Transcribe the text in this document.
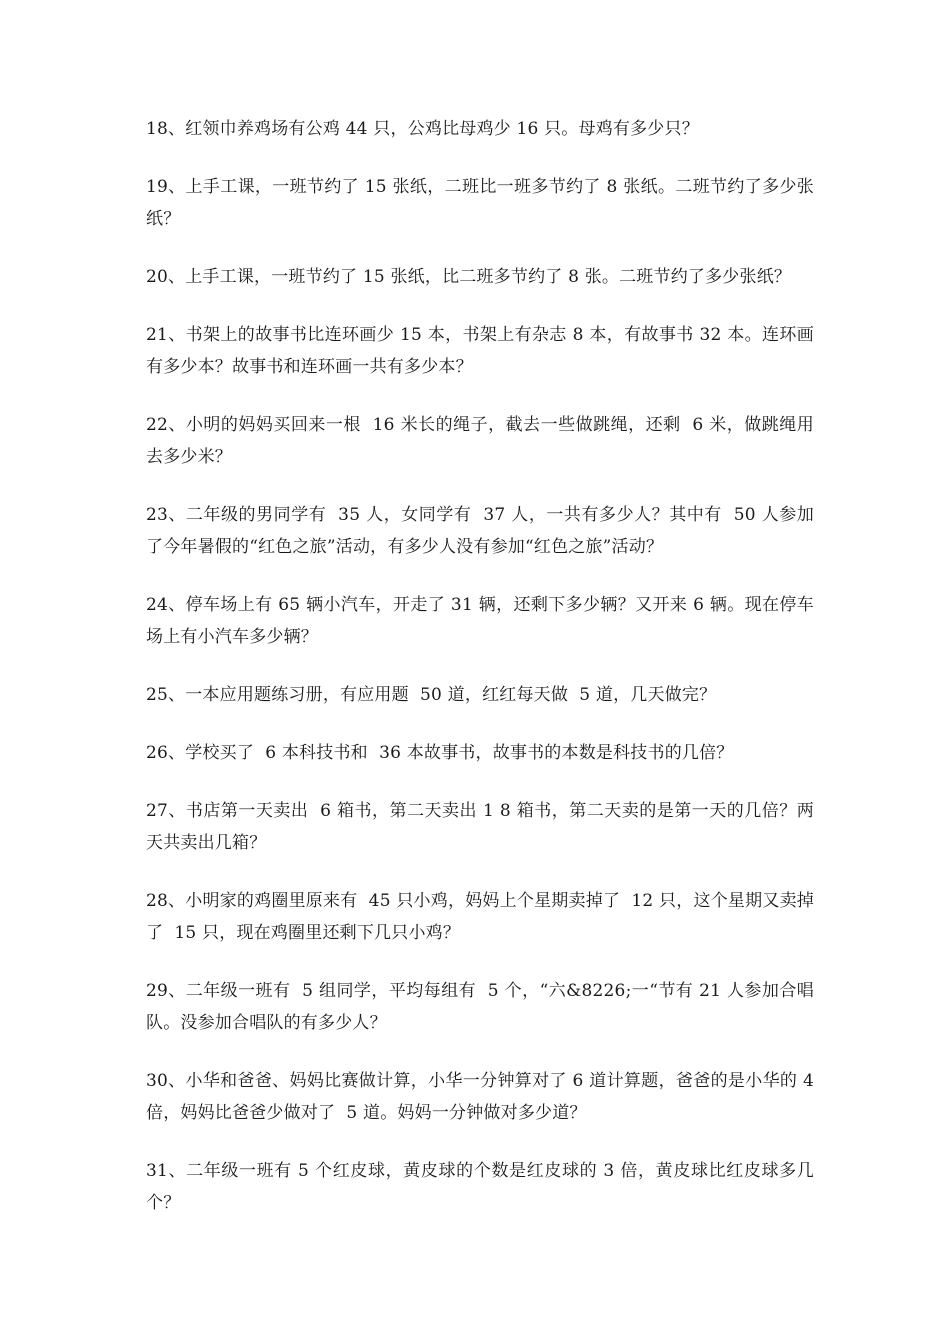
18、红领巾养鸡场有公鸡 44 只，公鸡比母鸡少 16 只。母鸡有多少只？
19、上手工课，一班节约了 15 张纸，二班比一班多节约了 8 张纸。二班节约了多少张纸？
20、上手工课，一班节约了 15 张纸，比二班多节约了 8 张。二班节约了多少张纸？
21、书架上的故事书比连环画少 15 本，书架上有杂志 8 本，有故事书 32 本。连环画有多少本？故事书和连环画一共有多少本？
22、小明的妈妈买回来一根  16 米长的绳子，截去一些做跳绳，还剩  6 米，做跳绳用去多少米？
23、二年级的男同学有  35 人，女同学有  37 人，一共有多少人？其中有  50 人参加了今年暑假的“红色之旅”活动，有多少人没有参加“红色之旅”活动？
24、停车场上有 65 辆小汽车，开走了 31 辆，还剩下多少辆？又开来 6 辆。现在停车场上有小汽车多少辆？
25、一本应用题练习册，有应用题  50 道，红红每天做  5 道，几天做完？
26、学校买了  6 本科技书和  36 本故事书，故事书的本数是科技书的几倍？
27、书店第一天卖出  6 箱书，第二天卖出 1 8 箱书，第二天卖的是第一天的几倍？两天共卖出几箱？
28、小明家的鸡圈里原来有  45 只小鸡，妈妈上个星期卖掉了  12 只，这个星期又卖掉了  15 只，现在鸡圈里还剩下几只小鸡？
29、二年级一班有  5 组同学，平均每组有  5 个，“六&8226;一“节有 21 人参加合唱队。没参加合唱队的有多少人？
30、小华和爸爸、妈妈比赛做计算，小华一分钟算对了 6 道计算题，爸爸的是小华的 4 倍，妈妈比爸爸少做对了  5 道。妈妈一分钟做对多少道？
31、二年级一班有 5 个红皮球，黄皮球的个数是红皮球的 3 倍，黄皮球比红皮球多几个？
